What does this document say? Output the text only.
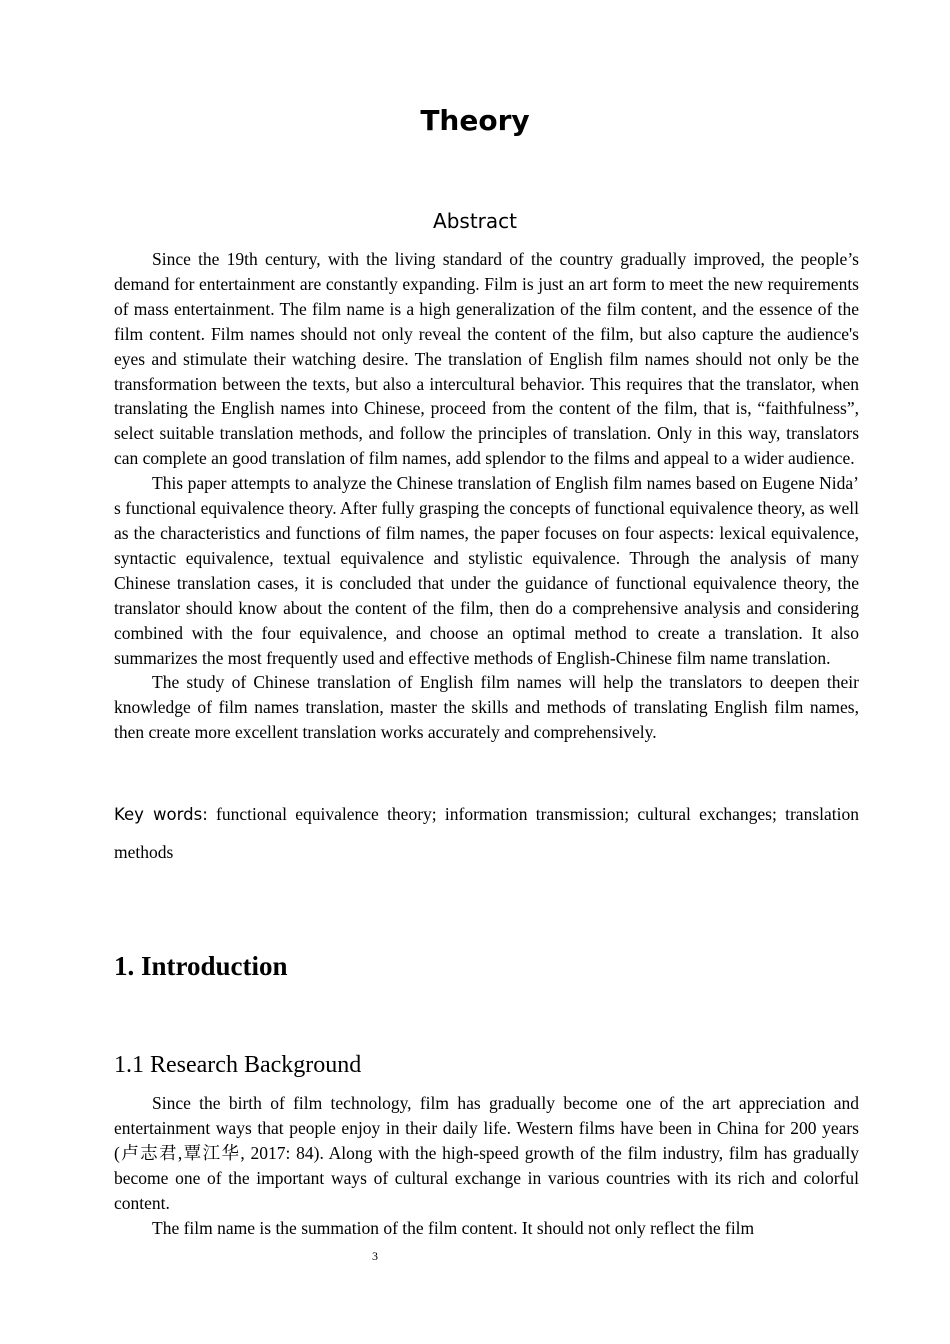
Theory
Abstract

Since the 19th century, with the living standard of the country gradually improved, the people’s demand for entertainment are constantly expanding. Film is just an art form to meet the new requirements of mass entertainment. The film name is a high generalization of the film content, and the essence of the film content. Film names should not only reveal the content of the film, but also capture the audience's eyes and stimulate their watching desire. The translation of English film names should not only be the transformation between the texts, but also a intercultural behavior. This requires that the translator, when translating the English names into Chinese, proceed from the content of the film, that is, “faithfulness”, select suitable translation methods, and follow the principles of translation. Only in this way, translators can complete an good translation of film names, add splendor to the films and appeal to a wider audience.

This paper attempts to analyze the Chinese translation of English film names based on Eugene Nida’ s functional equivalence theory. After fully grasping the concepts of functional equivalence theory, as well as the characteristics and functions of film names, the paper focuses on four aspects: lexical equivalence, syntactic equivalence, textual equivalence and stylistic equivalence. Through the analysis of many Chinese translation cases, it is concluded that under the guidance of functional equivalence theory, the translator should know about the content of the film, then do a comprehensive analysis and considering combined with the four equivalence, and choose an optimal method to create a translation. It also summarizes the most frequently used and effective methods of English-Chinese film name translation.

The study of Chinese translation of English film names will help the translators to deepen their knowledge of film names translation, master the skills and methods of translating English film names, then create more excellent translation works accurately and comprehensively.

Key words: functional equivalence theory; information transmission; cultural exchanges; translation methods
1. Introduction
1.1 Research Background

Since the birth of film technology, film has gradually become one of the art appreciation and entertainment ways that people enjoy in their daily life. Western films have been in China for 200 years (卢志君,覃江华, 2017: 84). Along with the high-speed growth of the film industry, film has gradually become one of the important ways of cultural exchange in various countries with its rich and colorful content.

The film name is the summation of the film content. It should not only reflect the film

3
